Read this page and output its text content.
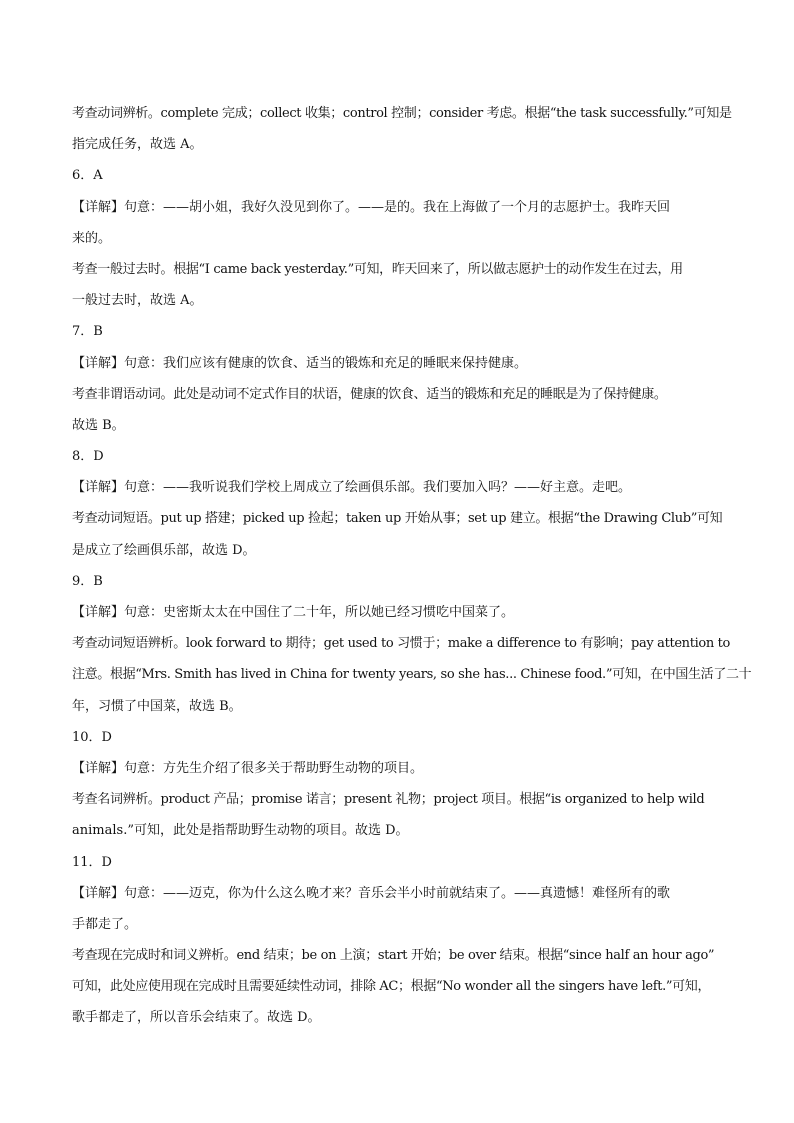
考查动词辨析。complete 完成；collect 收集；control 控制；consider 考虑。根据“the task successfully.”可知是
指完成任务，故选 A。
6．A
【详解】句意：——胡小姐，我好久没见到你了。——是的。我在上海做了一个月的志愿护士。我昨天回
来的。
考查一般过去时。根据“I came back yesterday.”可知，昨天回来了，所以做志愿护士的动作发生在过去，用
一般过去时，故选 A。
7．B
【详解】句意：我们应该有健康的饮食、适当的锻炼和充足的睡眠来保持健康。
考查非谓语动词。此处是动词不定式作目的状语，健康的饮食、适当的锻炼和充足的睡眠是为了保持健康。
故选 B。
8．D
【详解】句意：——我听说我们学校上周成立了绘画俱乐部。我们要加入吗？——好主意。走吧。
考查动词短语。put up 搭建；picked up 捡起；taken up 开始从事；set up 建立。根据“the Drawing Club”可知
是成立了绘画俱乐部，故选 D。
9．B
【详解】句意：史密斯太太在中国住了二十年，所以她已经习惯吃中国菜了。
考查动词短语辨析。look forward to 期待；get used to 习惯于；make a difference to 有影响；pay attention to
注意。根据“Mrs. Smith has lived in China for twenty years, so she has... Chinese food.”可知，在中国生活了二十
年，习惯了中国菜，故选 B。
10．D
【详解】句意：方先生介绍了很多关于帮助野生动物的项目。
考查名词辨析。product 产品；promise 诺言；present 礼物；project 项目。根据“is organized to help wild
animals.”可知，此处是指帮助野生动物的项目。故选 D。
11．D
【详解】句意：——迈克，你为什么这么晚才来？音乐会半小时前就结束了。——真遗憾！难怪所有的歌
手都走了。
考查现在完成时和词义辨析。end 结束；be on 上演；start 开始；be over 结束。根据“since half an hour ago”
可知，此处应使用现在完成时且需要延续性动词，排除 AC；根据“No wonder all the singers have left.”可知，
歌手都走了，所以音乐会结束了。故选 D。
